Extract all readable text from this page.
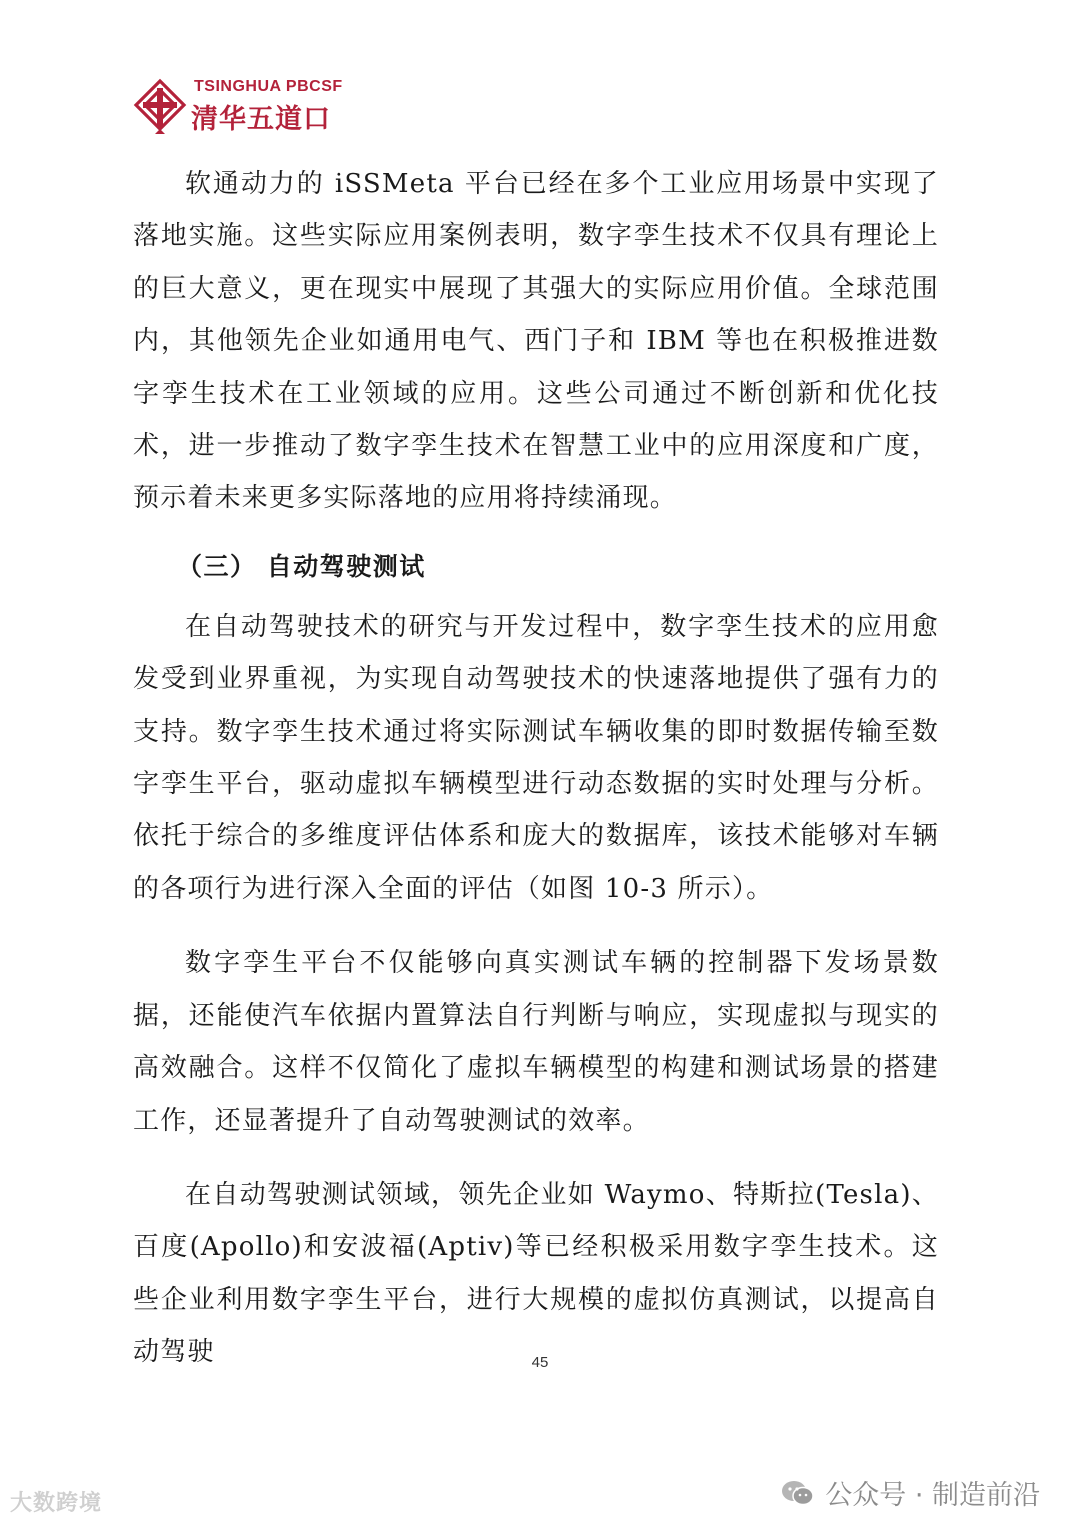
TSINGHUA PBCSF
清华五道口

软通动力的 iSSMeta 平台已经在多个工业应用场景中实现了落地实施。这些实际应用案例表明，数字孪生技术不仅具有理论上的巨大意义，更在现实中展现了其强大的实际应用价值。全球范围内，其他领先企业如通用电气、西门子和 IBM 等也在积极推进数字孪生技术在工业领域的应用。这些公司通过不断创新和优化技术，进一步推动了数字孪生技术在智慧工业中的应用深度和广度，预示着未来更多实际落地的应用将持续涌现。

（三） 自动驾驶测试

在自动驾驶技术的研究与开发过程中，数字孪生技术的应用愈发受到业界重视，为实现自动驾驶技术的快速落地提供了强有力的支持。数字孪生技术通过将实际测试车辆收集的即时数据传输至数字孪生平台，驱动虚拟车辆模型进行动态数据的实时处理与分析。依托于综合的多维度评估体系和庞大的数据库，该技术能够对车辆的各项行为进行深入全面的评估（如图 10-3 所示）。

数字孪生平台不仅能够向真实测试车辆的控制器下发场景数据，还能使汽车依据内置算法自行判断与响应，实现虚拟与现实的高效融合。这样不仅简化了虚拟车辆模型的构建和测试场景的搭建工作，还显著提升了自动驾驶测试的效率。

在自动驾驶测试领域，领先企业如 Waymo、特斯拉(Tesla)、百度(Apollo)和安波福(Aptiv)等已经积极采用数字孪生技术。这些企业利用数字孪生平台，进行大规模的虚拟仿真测试，以提高自动驾驶	45
大数跨境	公众号 · 制造前沿
